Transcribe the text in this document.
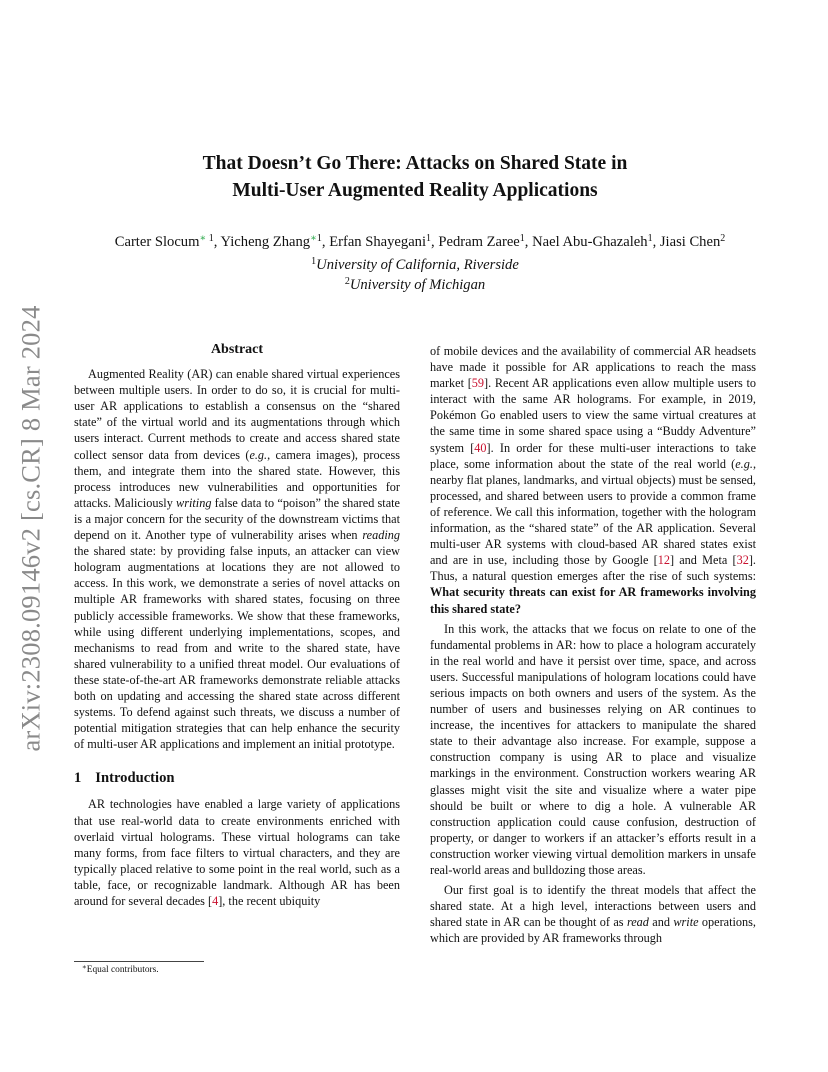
arXiv:2308.09146v2 [cs.CR] 8 Mar 2024
That Doesn’t Go There: Attacks on Shared State in
Multi-User Augmented Reality Applications
Carter Slocum$^{∗ 1}$, Yicheng Zhang$^{∗1}$, Erfan Shayegani$^1$, Pedram Zaree$^1$, Nael Abu-Ghazaleh$^1$, Jiasi Chen$^2$
$^1$University of California, Riverside
$^2$University of Michigan
Abstract

Augmented Reality (AR) can enable shared virtual experiences between multiple users. In order to do so, it is crucial for multi-user AR applications to establish a consensus on the “shared state” of the virtual world and its augmentations through which users interact. Current methods to create and access shared state collect sensor data from devices (e.g., camera images), process them, and integrate them into the shared state. However, this process introduces new vulnerabilities and opportunities for attacks. Maliciously writing false data to “poison” the shared state is a major concern for the security of the downstream victims that depend on it. Another type of vulnerability arises when reading the shared state: by providing false inputs, an attacker can view hologram augmentations at locations they are not allowed to access. In this work, we demonstrate a series of novel attacks on multiple AR frameworks with shared states, focusing on three publicly accessible frameworks. We show that these frameworks, while using different underlying implementations, scopes, and mechanisms to read from and write to the shared state, have shared vulnerability to a unified threat model. Our evaluations of these state-of-the-art AR frameworks demonstrate reliable attacks both on updating and accessing the shared state across different systems. To defend against such threats, we discuss a number of potential mitigation strategies that can help enhance the security of multi-user AR applications and implement an initial prototype.

1 Introduction

AR technologies have enabled a large variety of applications that use real-world data to create environments enriched with overlaid virtual holograms. These virtual holograms can take many forms, from face filters to virtual characters, and they are typically placed relative to some point in the real world, such as a table, face, or recognizable landmark. Although AR has been around for several decades [4], the recent ubiquity

of mobile devices and the availability of commercial AR headsets have made it possible for AR applications to reach the mass market [59]. Recent AR applications even allow multiple users to interact with the same AR holograms. For example, in 2019, Pokémon Go enabled users to view the same virtual creatures at the same time in some shared space using a “Buddy Adventure” system [40]. In order for these multi-user interactions to take place, some information about the state of the real world (e.g., nearby flat planes, landmarks, and virtual objects) must be sensed, processed, and shared between users to provide a common frame of reference. We call this information, together with the hologram information, as the “shared state” of the AR application. Several multi-user AR systems with cloud-based AR shared states exist and are in use, including those by Google [12] and Meta [32]. Thus, a natural question emerges after the rise of such systems: What security threats can exist for AR frameworks involving this shared state?

In this work, the attacks that we focus on relate to one of the fundamental problems in AR: how to place a hologram accurately in the real world and have it persist over time, space, and across users. Successful manipulations of hologram locations could have serious impacts on both owners and users of the system. As the number of users and businesses relying on AR continues to increase, the incentives for attackers to manipulate the shared state to their advantage also increase. For example, suppose a construction company is using AR to place and visualize markings in the environment. Construction workers wearing AR glasses might visit the site and visualize where a water pipe should be built or where to dig a hole. A vulnerable AR construction application could cause confusion, destruction of property, or danger to workers if an attacker’s efforts result in a construction worker viewing virtual demolition markers in unsafe real-world areas and bulldozing those areas.

Our first goal is to identify the threat models that affect the shared state. At a high level, interactions between users and shared state in AR can be thought of as read and write operations, which are provided by AR frameworks through

∗Equal contributors.
